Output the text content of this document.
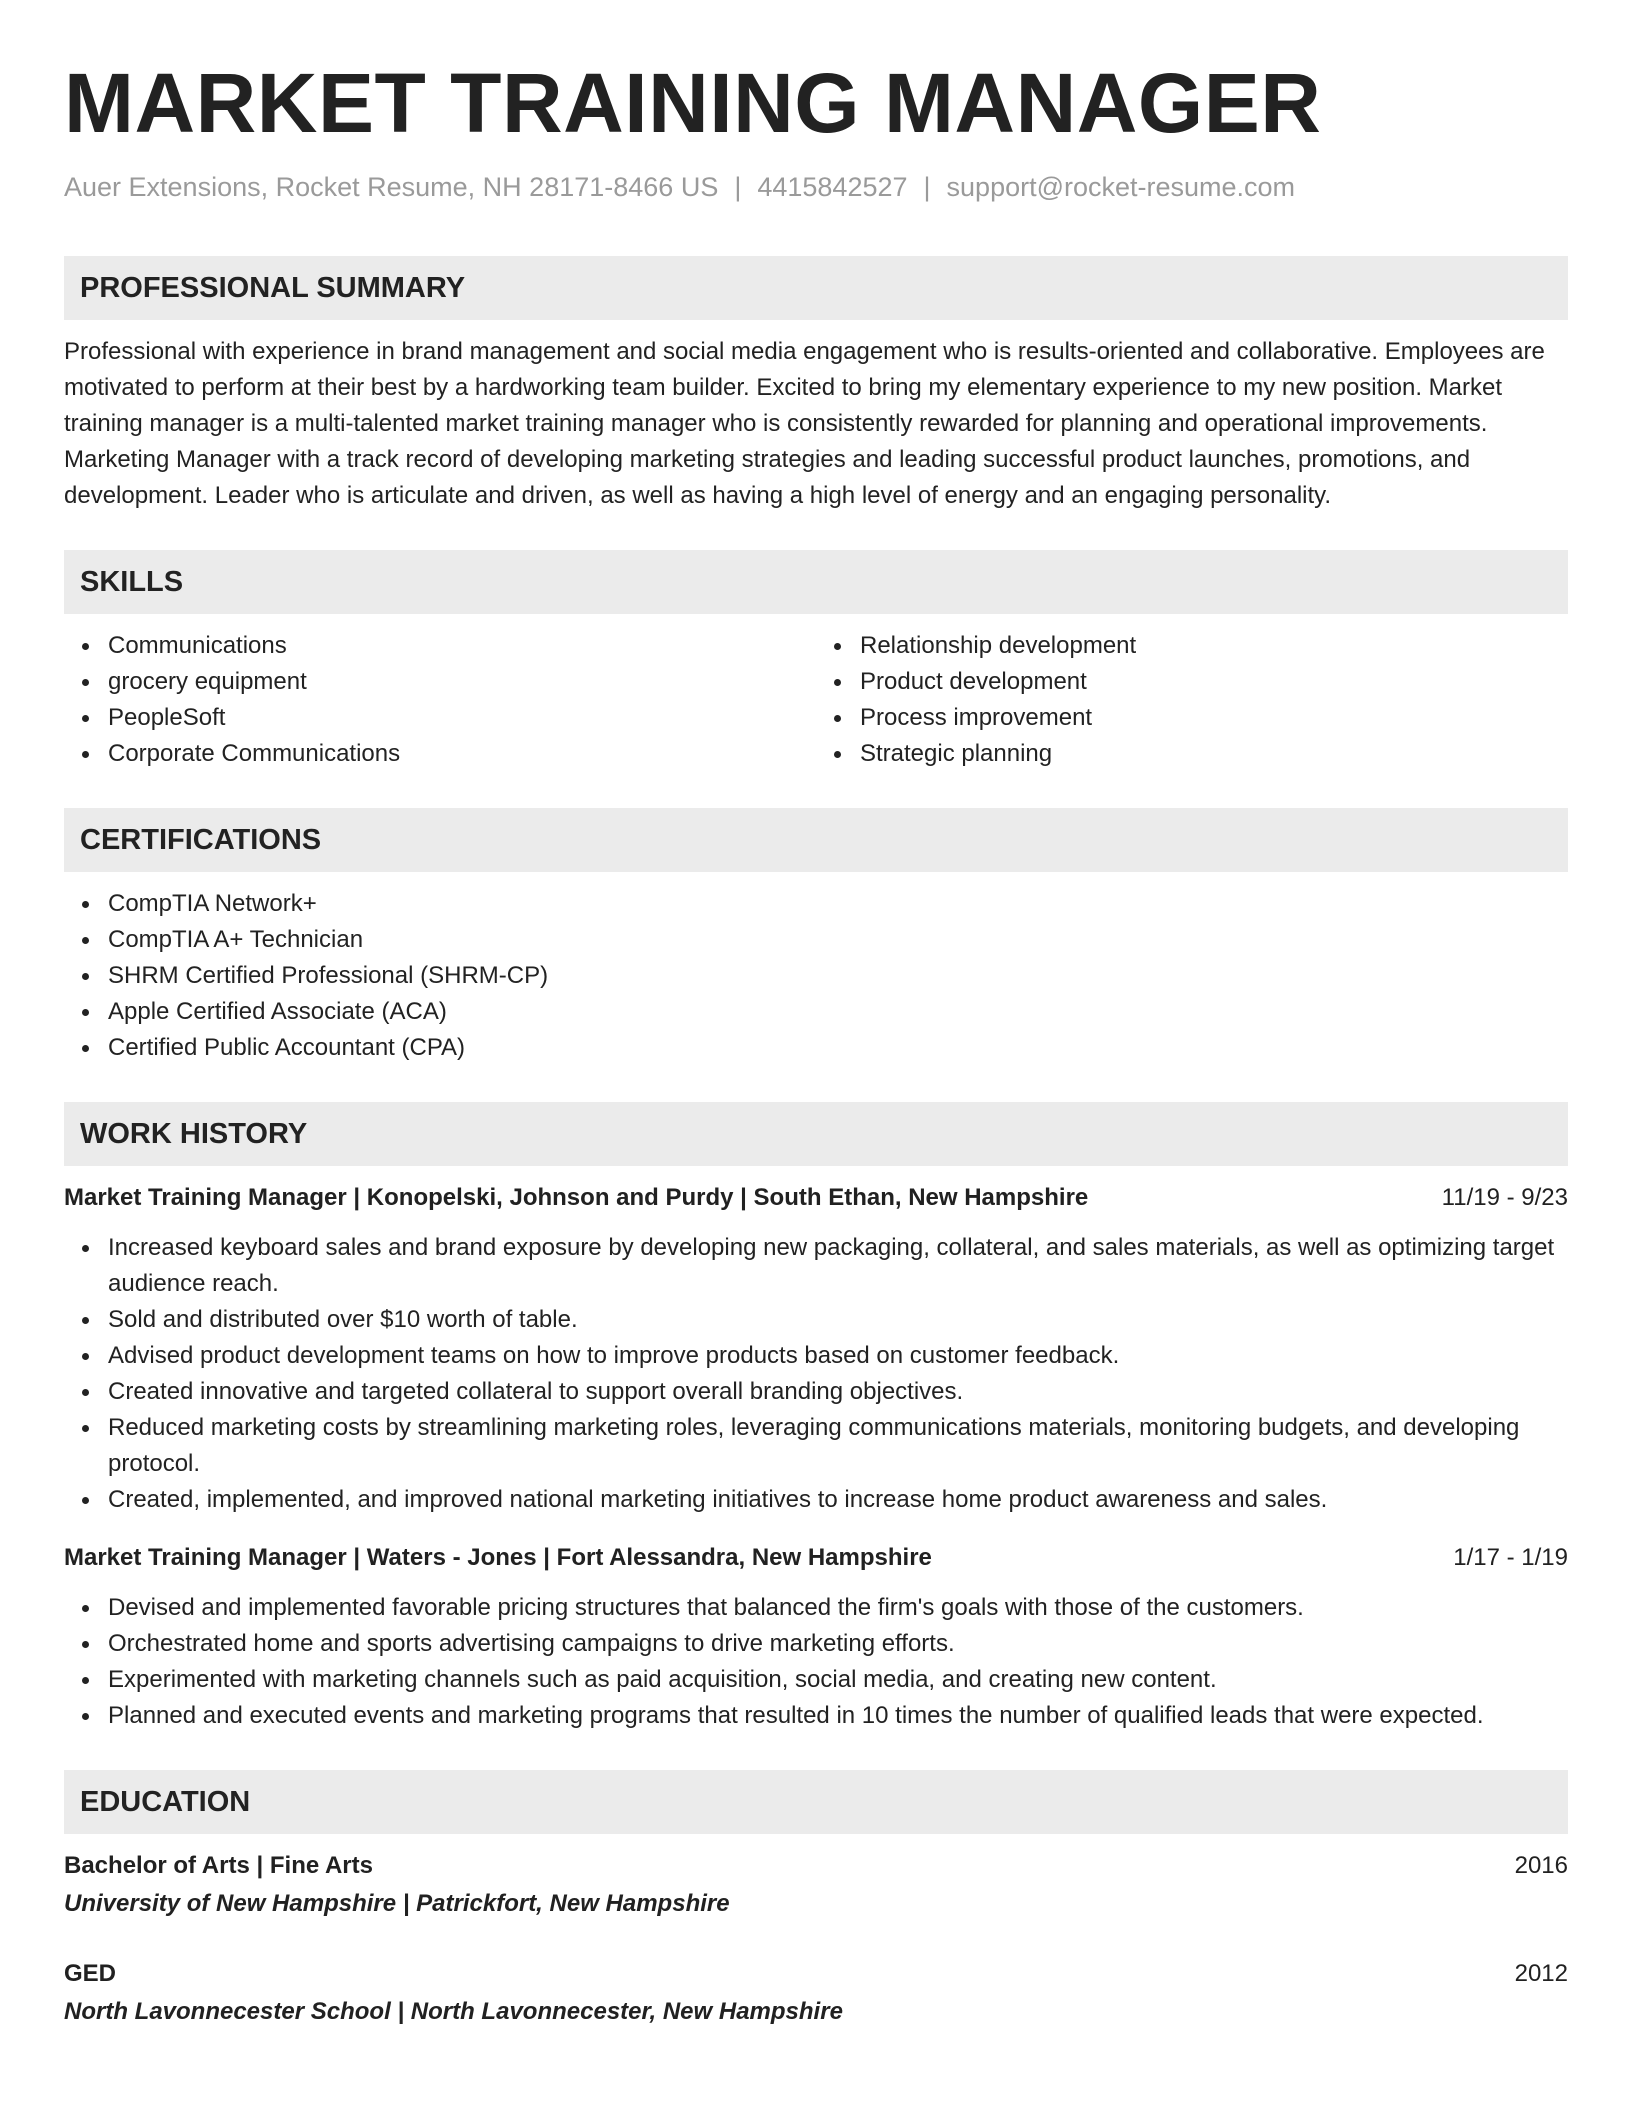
MARKET TRAINING MANAGER
Auer Extensions, Rocket Resume, NH 28171-8466 US | 4415842527 | support@rocket-resume.com
PROFESSIONAL SUMMARY

Professional with experience in brand management and social media engagement who is results-oriented and collaborative. Employees are motivated to perform at their best by a hardworking team builder. Excited to bring my elementary experience to my new position. Market training manager is a multi-talented market training manager who is consistently rewarded for planning and operational improvements. Marketing Manager with a track record of developing marketing strategies and leading successful product launches, promotions, and development. Leader who is articulate and driven, as well as having a high level of energy and an engaging personality.

SKILLS
Communications
grocery equipment
PeopleSoft
Corporate Communications
Relationship development
Product development
Process improvement
Strategic planning
CERTIFICATIONS
CompTIA Network+
CompTIA A+ Technician
SHRM Certified Professional (SHRM-CP)
Apple Certified Associate (ACA)
Certified Public Accountant (CPA)
WORK HISTORY
Market Training Manager | Konopelski, Johnson and Purdy | South Ethan, New Hampshire	11/19 - 9/23
Increased keyboard sales and brand exposure by developing new packaging, collateral, and sales materials, as well as optimizing target audience reach.
Sold and distributed over $10 worth of table.
Advised product development teams on how to improve products based on customer feedback.
Created innovative and targeted collateral to support overall branding objectives.
Reduced marketing costs by streamlining marketing roles, leveraging communications materials, monitoring budgets, and developing protocol.
Created, implemented, and improved national marketing initiatives to increase home product awareness and sales.
Market Training Manager | Waters - Jones | Fort Alessandra, New Hampshire	1/17 - 1/19
Devised and implemented favorable pricing structures that balanced the firm's goals with those of the customers.
Orchestrated home and sports advertising campaigns to drive marketing efforts.
Experimented with marketing channels such as paid acquisition, social media, and creating new content.
Planned and executed events and marketing programs that resulted in 10 times the number of qualified leads that were expected.
EDUCATION
Bachelor of Arts | Fine Arts	2016
University of New Hampshire | Patrickfort, New Hampshire
GED	2012
North Lavonnecester School | North Lavonnecester, New Hampshire
